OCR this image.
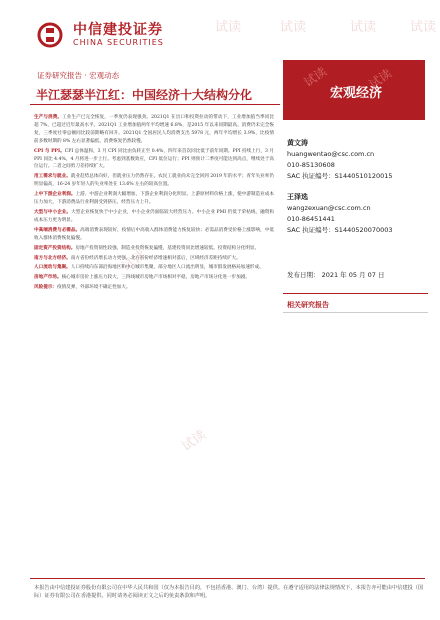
中信建投证券
CHINA SECURITIES
试读	试读	试读	试读
证券研究报告 · 宏观动态
半江瑟瑟半江红：中国经济十大结构分化
试读	试读
宏观经济
试读
试读

生产与消费。工业生产已完全恢复，一季度仍表现强劲。2021Q1 在出口和投资拉动的带动下，工业增加值当季同比超 7%，已超过近年最高水平。2021Q1 工业增加值两年平均增速 6.8%，是2015 年以来同期最高。消费仍未完全恢复，三季度社零总额同比较前期略有回升。2021Q1 全国居民人均消费支出 5978 元，两年平均增长 3.9%，比疫情前多数时期的 8% 左右显著偏低，消费恢复仍然较慢。

CPI 与 PPI。CPI 总体温和，3 月 CPI 同比由负转正至 0.4%，四年来首次同比低于前年同期。PPI 持续上行，3 月 PPI 同比 4.4%，4 月将进一步上行。考虑到基数效应，CPI 低位运行；PPI 则预计二季度可能达到高点，继续处于高位运行。二者之间剪刀差持续扩大。

用工需求与就业。就业趋势总体向好，但就业压力仍然存在。农民工就业尚未完全回到 2019 年的水平；青年失业率仍明显偏高，16-24 岁年轻人的失业率处在 13.6% 左右的较高位置。

上中下游企业利润。上游、中游企业利润大幅增加，下游企业利润分化明显。上游原材料价格上涨，使中游制造业成本压力加大，下游消费品行业利润受到挤压，经营压力上升。

大型与中小企业。大型企业恢复快于中小企业，中小企业仍面临较大经营压力。中小企业 PMI 仍低于荣枯线，融资和成本压力更为明显。

中高端消费与必需品。高端消费表现较好，疫情后中高收入群体消费能力恢复较快；必需品消费受价格上涨影响，中低收入群体消费恢复偏慢。

固定资产投资结构。房地产投资韧性较强，制造业投资恢复偏慢，基建投资同比增速较低。投资结构分化明显。

南方与北方经济。南方省份经济增长动力更强，北方省份经济增速相对落后，区域经济差距持续扩大。

人口流动与集聚。人口持续向东部沿海地区和中心城市集聚，部分地区人口流出明显，城市群发展格局加速形成。

房地产市场。核心城市房价上涨压力较大，三四线城市房地产市场相对平稳，房地产市场分化进一步加剧。

风险提示：疫情反弹，外部环境不确定性加大。

黄文涛
huangwentao@csc.com.cn
010-85130608
SAC 执证编号：S1440510120015
王泽选
wangzexuan@csc.com.cn
010-86451441
SAC 执证编号：S1440520070003
发布日期： 2021 年 05 月 07 日
相关研究报告
本报告由中信建投证券股份有限公司在中华人民共和国（仅为本报告目的，不包括香港、澳门、台湾）提供。在遵守适用的法律法规情况下，本报告亦可能由中信建投（国际）证券有限公司在香港提供。同时请务必阅读正文之后的免责条款和声明。
